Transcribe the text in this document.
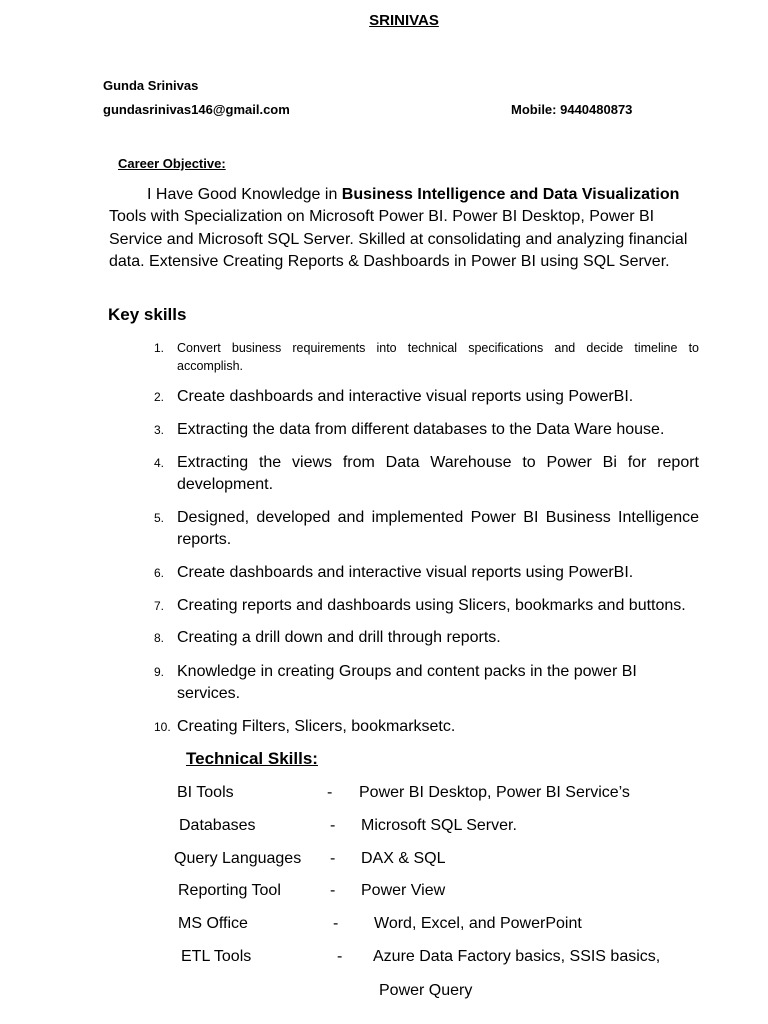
SRINIVAS
Gunda Srinivas
gundasrinivas146@gmail.com	Mobile: 9440480873
Career Objective:
I Have Good Knowledge in Business Intelligence and Data Visualization Tools with Specialization on Microsoft Power BI. Power BI Desktop, Power BI Service and Microsoft SQL Server. Skilled at consolidating and analyzing financial data. Extensive Creating Reports & Dashboards in Power BI using SQL Server.
Key skills
1. Convert business requirements into technical specifications and decide timeline to accomplish.
2. Create dashboards and interactive visual reports using PowerBI.
3. Extracting the data from different databases to the Data Ware house.
4. Extracting the views from Data Warehouse to Power Bi for report development.
5. Designed, developed and implemented Power BI Business Intelligence reports.
6. Create dashboards and interactive visual reports using PowerBI.
7. Creating reports and dashboards using Slicers, bookmarks and buttons.
8. Creating a drill down and drill through reports.
9. Knowledge in creating Groups and content packs in the power BI services.
10. Creating Filters, Slicers, bookmarksetc.
Technical Skills:
BI Tools	- Power BI Desktop, Power BI Service’s
Databases	- Microsoft SQL Server.
Query Languages - DAX & SQL
Reporting Tool	- Power View
MS Office	- Word, Excel, and PowerPoint
ETL Tools	- Azure Data Factory basics, SSIS basics,
Power Query
